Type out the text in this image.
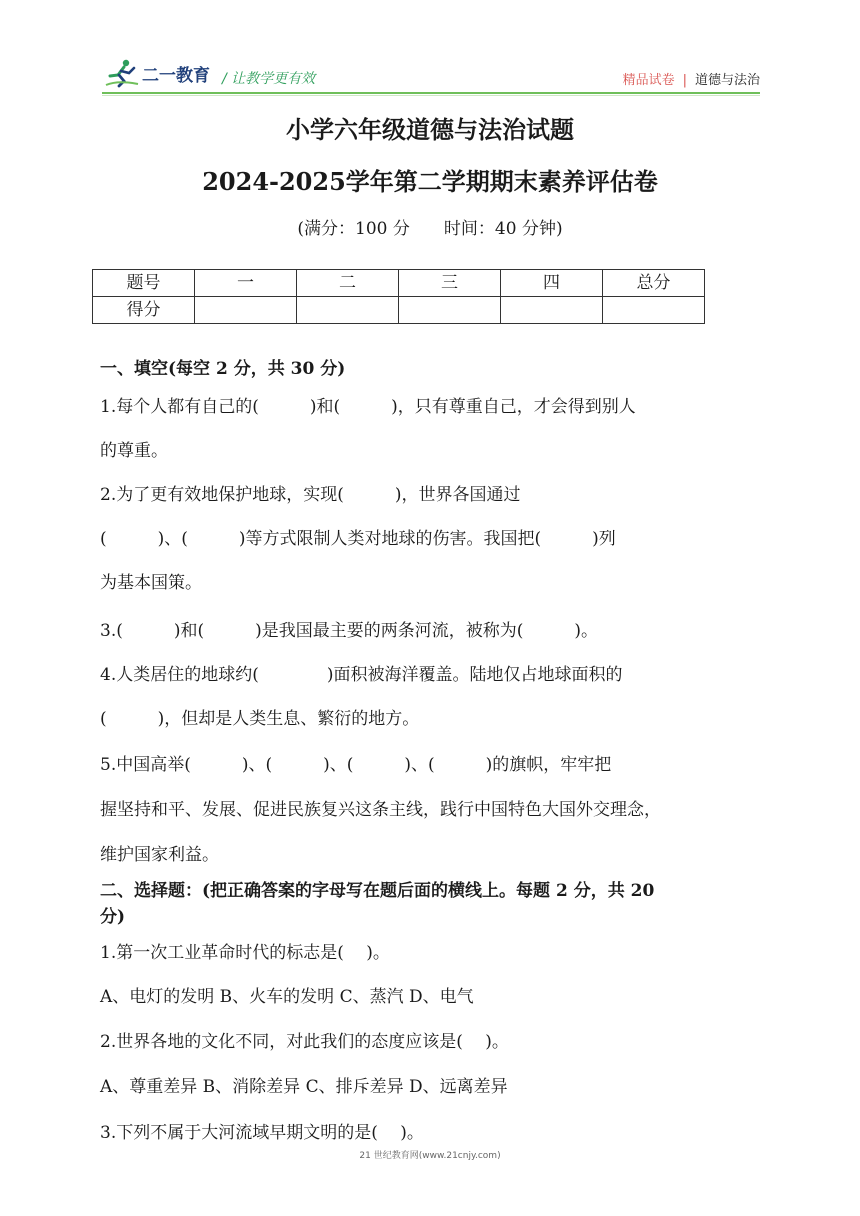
二一教育 / 让教学更有效	精品试卷 | 道德与法治
小学六年级道德与法治试题
2024-2025学年第二学期期末素养评估卷
(满分：100 分　　时间：40 分钟)
题号	一	二	三	四	总分
得分					
一、填空(每空 2 分，共 30 分)
1.每个人都有自己的(　　　)和(　　　)，只有尊重自己，才会得到别人
的尊重。
2.为了更有效地保护地球，实现(　　　)，世界各国通过
(　　　)、(　　　)等方式限制人类对地球的伤害。我国把(　　　)列
为基本国策。
3.(　　　)和(　　　)是我国最主要的两条河流，被称为(　　　)。
4.人类居住的地球约(　　　　)面积被海洋覆盖。陆地仅占地球面积的
(　　　)，但却是人类生息、繁衍的地方。
5.中国高举(　　　)、(　　　)、(　　　)、(　　　)的旗帜，牢牢把
握坚持和平、发展、促进民族复兴这条主线，践行中国特色大国外交理念，
维护国家利益。
二、选择题：(把正确答案的字母写在题后面的横线上。每题 2 分，共 20
分)
1.第一次工业革命时代的标志是(　 )。
A、电灯的发明 B、火车的发明 C、蒸汽 D、电气
2.世界各地的文化不同，对此我们的态度应该是(　 )。
A、尊重差异 B、消除差异 C、排斥差异 D、远离差异
3.下列不属于大河流域早期文明的是(　 )。
21 世纪教育网(www.21cnjy.com)
